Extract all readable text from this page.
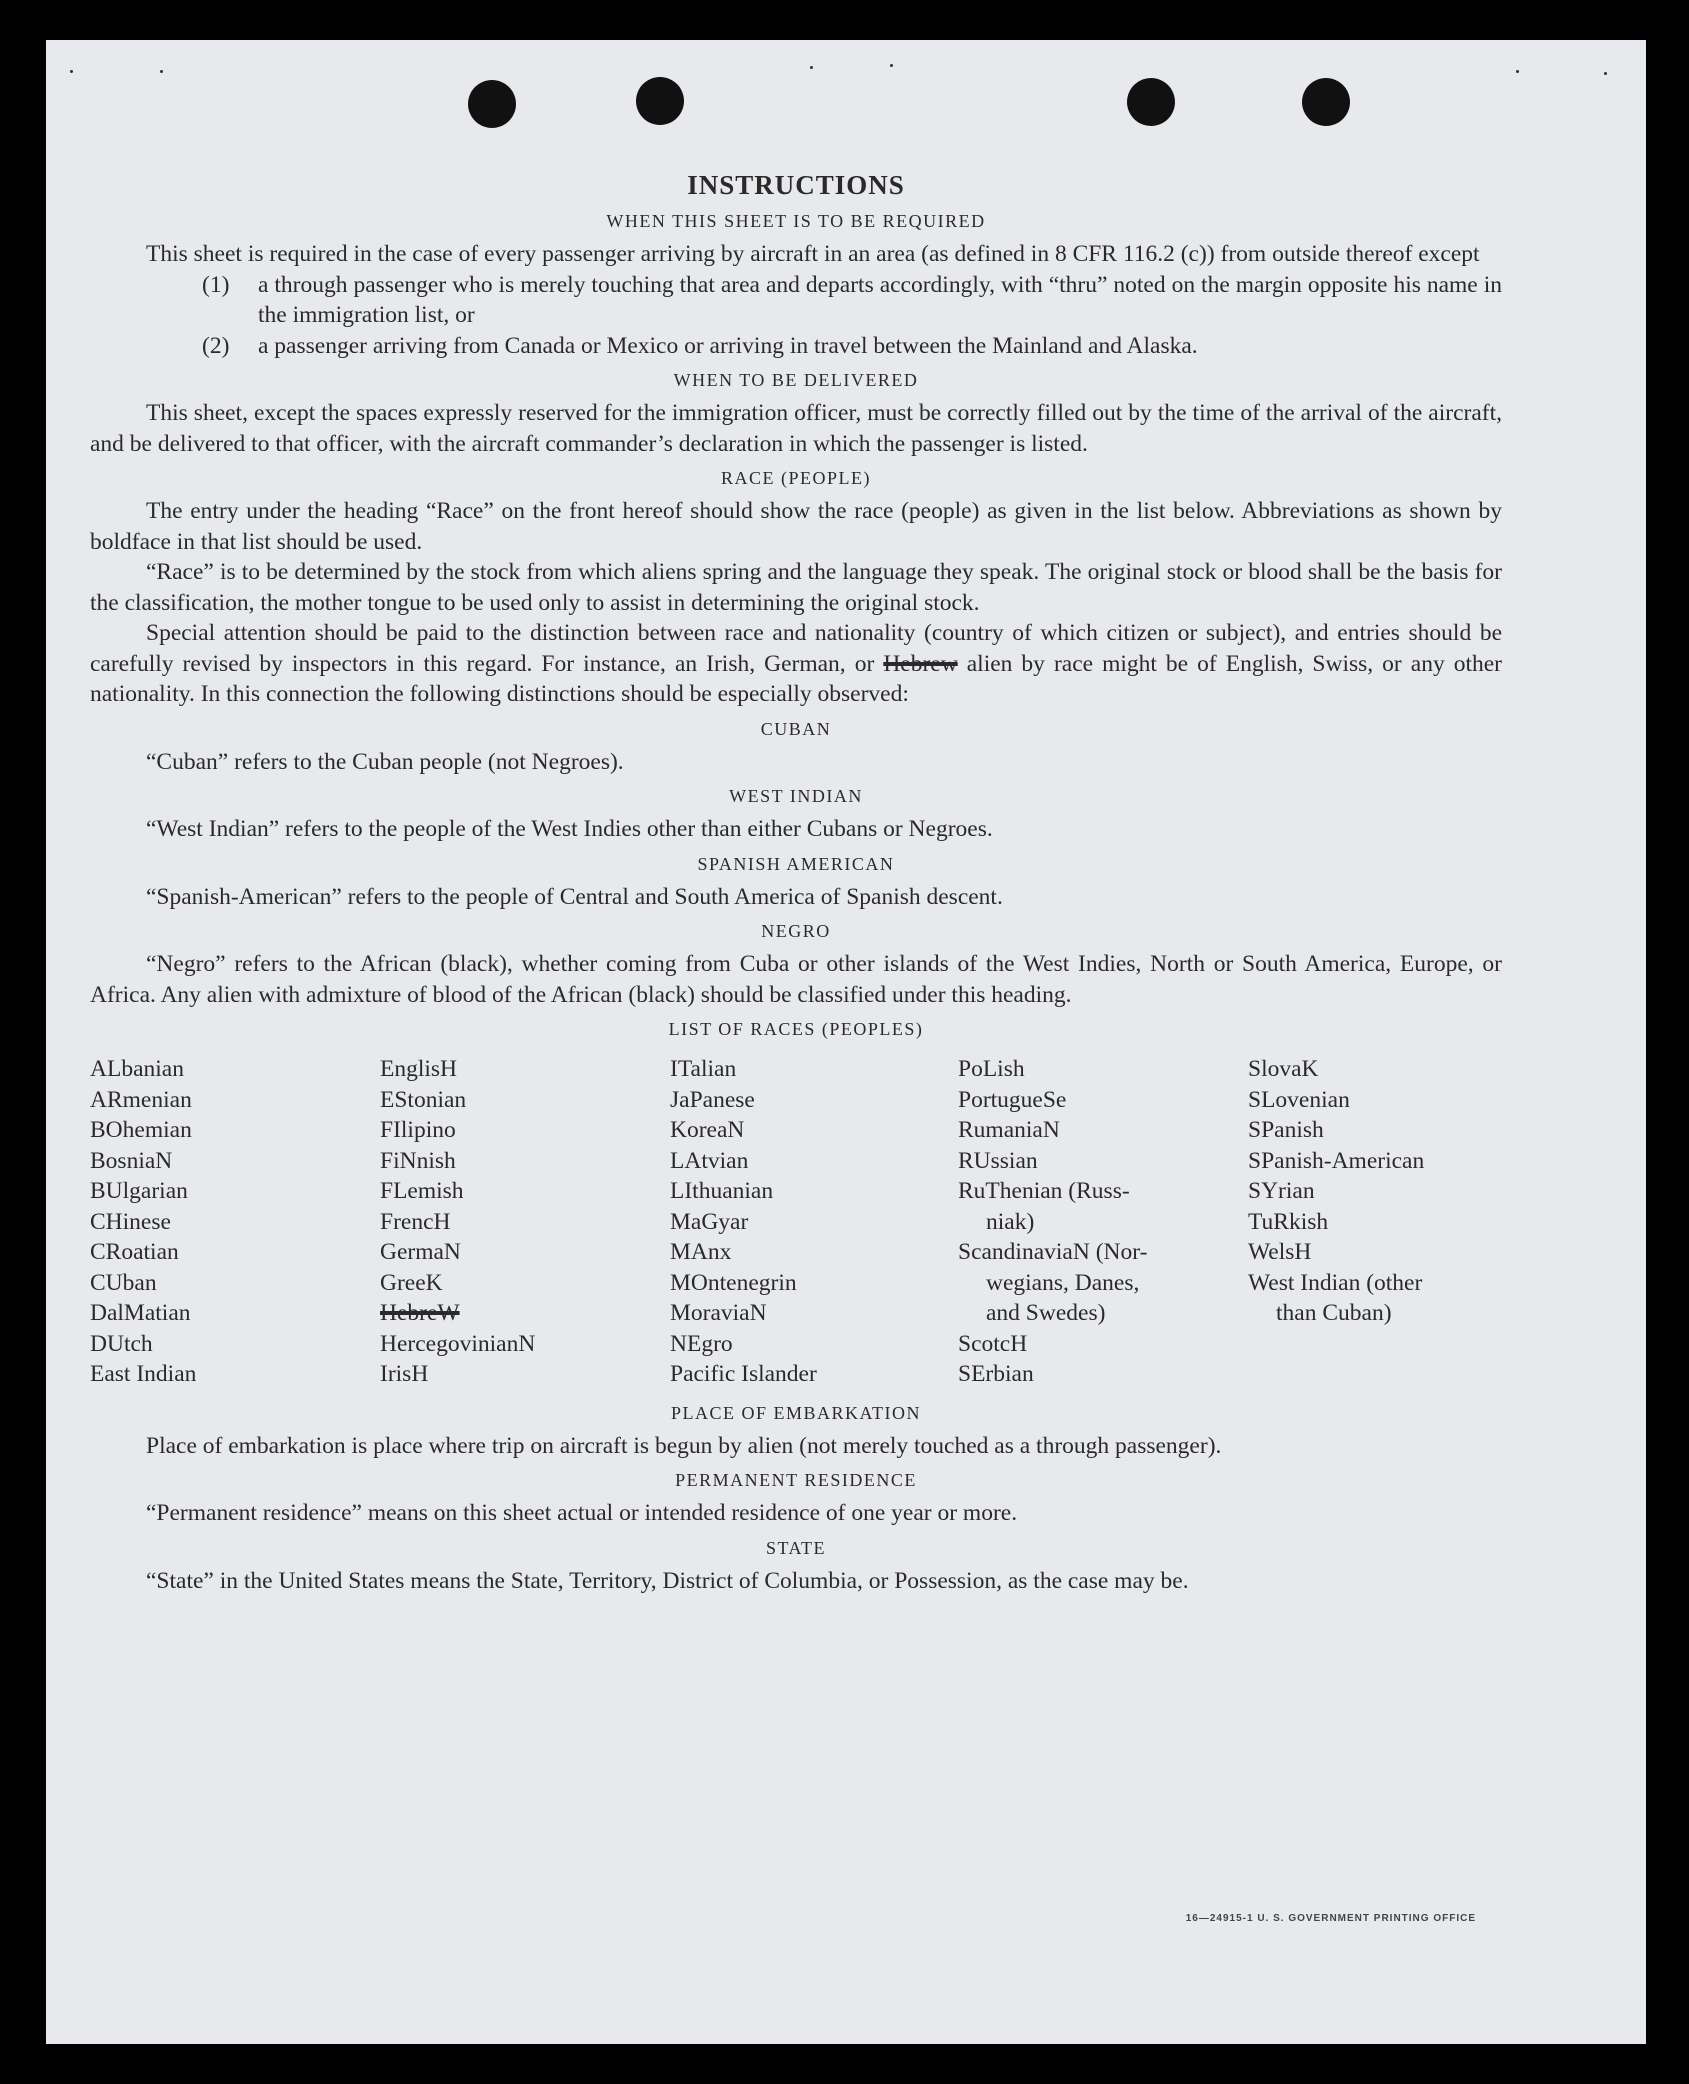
INSTRUCTIONS
WHEN THIS SHEET IS TO BE REQUIRED

This sheet is required in the case of every passenger arriving by aircraft in an area (as defined in 8 CFR 116.2 (c)) from outside thereof except

(1)	a through passenger who is merely touching that area and departs accordingly, with “thru” noted on the margin opposite his name in the immigration list, or
(2)	a passenger arriving from Canada or Mexico or arriving in travel between the Mainland and Alaska.
WHEN TO BE DELIVERED

This sheet, except the spaces expressly reserved for the immigration officer, must be correctly filled out by the time of the arrival of the aircraft, and be delivered to that officer, with the aircraft commander’s declaration in which the passenger is listed.

RACE (PEOPLE)

The entry under the heading “Race” on the front hereof should show the race (people) as given in the list below. Abbreviations as shown by boldface in that list should be used.

“Race” is to be determined by the stock from which aliens spring and the language they speak. The original stock or blood shall be the basis for the classification, the mother tongue to be used only to assist in determining the original stock.

Special attention should be paid to the distinction between race and nationality (country of which citizen or subject), and entries should be carefully revised by inspectors in this regard. For instance, an Irish, German, or Hebrew alien by race might be of English, Swiss, or any other nationality. In this connection the following distinctions should be especially observed:

CUBAN

“Cuban” refers to the Cuban people (not Negroes).

WEST INDIAN

“West Indian” refers to the people of the West Indies other than either Cubans or Negroes.

SPANISH AMERICAN

“Spanish-American” refers to the people of Central and South America of Spanish descent.

NEGRO

“Negro” refers to the African (black), whether coming from Cuba or other islands of the West Indies, North or South America, Europe, or Africa. Any alien with admixture of blood of the African (black) should be classified under this heading.

LIST OF RACES (PEOPLES)
ALbanian
ARmenian
BOhemian
BosniaN
BUlgarian
CHinese
CRoatian
CUban
DalMatian
DUtch
East Indian
EnglisH
EStonian
FIlipino
FiNnish
FLemish
FrencH
GermaN
GreeK
HebreW
HercegovinianN
IrisH
ITalian
JaPanese
KoreaN
LAtvian
LIthuanian
MaGyar
MAnx
MOntenegrin
MoraviaN
NEgro
Pacific Islander
PoLish
PortugueSe
RumaniaN
RUssian
RuThenian (Russ-
niak)
ScandinaviaN (Nor-
wegians, Danes,
and Swedes)
ScotcH
SErbian
SlovaK
SLovenian
SPanish
SPanish-American
SYrian
TuRkish
WelsH
West Indian (other
than Cuban)
PLACE OF EMBARKATION

Place of embarkation is place where trip on aircraft is begun by alien (not merely touched as a through passenger).

PERMANENT RESIDENCE

“Permanent residence” means on this sheet actual or intended residence of one year or more.

STATE

“State” in the United States means the State, Territory, District of Columbia, or Possession, as the case may be.

16—24915-1 U. S. GOVERNMENT PRINTING OFFICE
